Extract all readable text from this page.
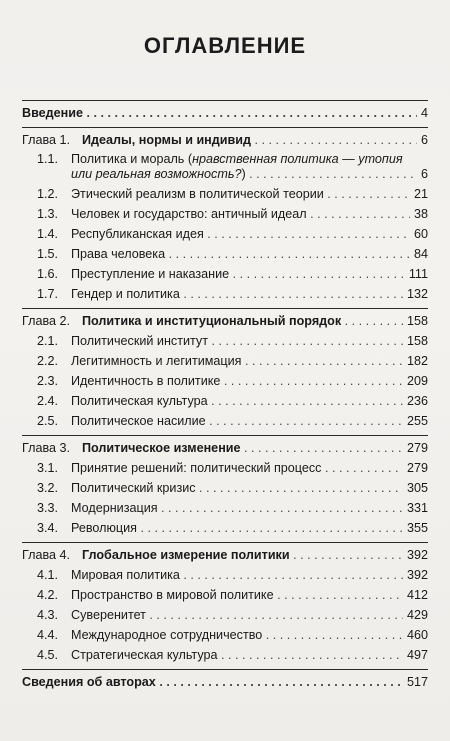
ОГЛАВЛЕНИЕ
Введение . . .	4
Глава 1. Идеалы, нормы и индивид . . .	6
1.1.	Политика и мораль (нравственная политика — утопия
или реальная возможность?) . . .	6
1.2. Этический реализм в политической теории . . .	21
1.3. Человек и государство: античный идеал . . .	38
1.4. Республиканская идея . . .	60
1.5. Права человека . . .	84
1.6. Преступление и наказание . . .	111
1.7. Гендер и политика . . .	132
Глава 2. Политика и институциональный порядок . . .	158
2.1. Политический институт . . .	158
2.2. Легитимность и легитимация . . .	182
2.3. Идентичность в политике . . .	209
2.4. Политическая культура . . .	236
2.5. Политическое насилие . . .	255
Глава 3. Политическое изменение . . .	279
3.1. Принятие решений: политический процесс . . .	279
3.2. Политический кризис . . .	305
3.3. Модернизация . . .	331
3.4. Революция . . .	355
Глава 4. Глобальное измерение политики . . .	392
4.1. Мировая политика . . .	392
4.2. Пространство в мировой политике . . .	412
4.3. Суверенитет . . .	429
4.4. Международное сотрудничество . . .	460
4.5. Стратегическая культура . . .	497
Сведения об авторах . . .	517
